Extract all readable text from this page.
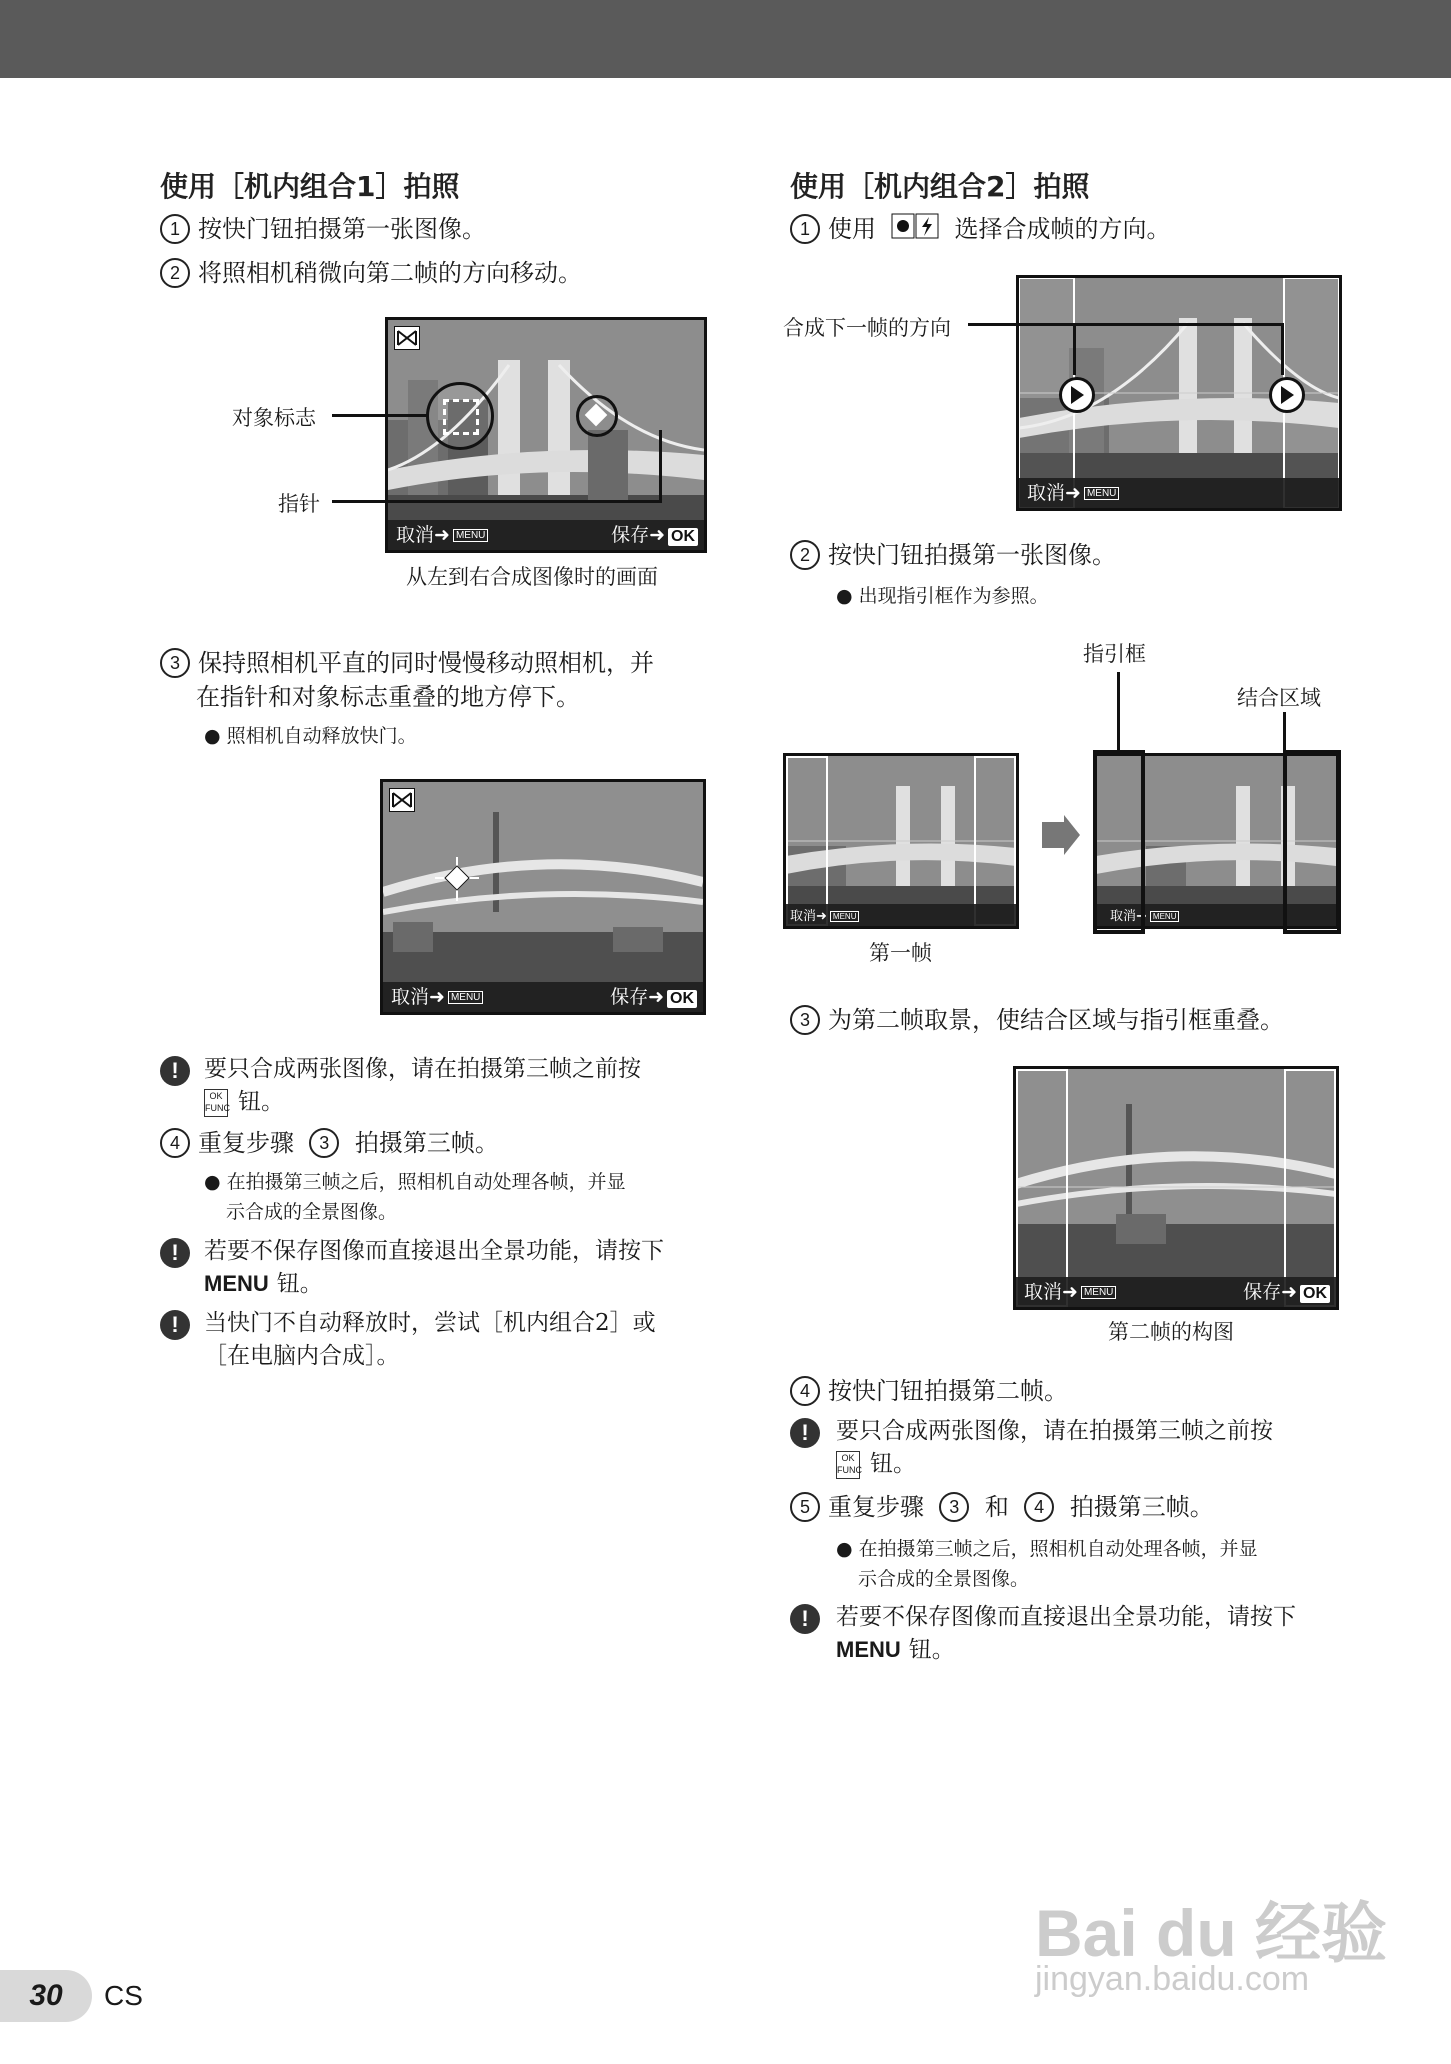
使用［机内组合1］拍照
1 按快门钮拍摄第一张图像。
2 将照相机稍微向第二帧的方向移动。
取消➜ MENU	保存➜ OK
对象标志
指针
从左到右合成图像时的画面
3 保持照相机平直的同时慢慢移动照相机，并
在指针和对象标志重叠的地方停下。
● 照相机自动释放快门。
取消➜ MENU	保存➜ OK
!	要只合成两张图像，请在拍摄第三帧之前按
OK FUNC 钮。
4 重复步骤 3 拍摄第三帧。
● 在拍摄第三帧之后，照相机自动处理各帧，并显
示合成的全景图像。
!	若要不保存图像而直接退出全景功能，请按下
MENU 钮。
!	当快门不自动释放时，尝试［机内组合2］或
［在电脑内合成］。
使用［机内组合2］拍照
1 使用	选择合成帧的方向。
取消➜ MENU
合成下一帧的方向
2 按快门钮拍摄第一张图像。
● 出现指引框作为参照。
指引框
结合区域
取消➜ MENU
第一帧
取消➜ MENU
3 为第二帧取景，使结合区域与指引框重叠。
取消➜ MENU	保存➜ OK
第二帧的构图
4 按快门钮拍摄第二帧。
!	要只合成两张图像，请在拍摄第三帧之前按
OK FUNC 钮。
5 重复步骤 3 和 4 拍摄第三帧。
● 在拍摄第三帧之后，照相机自动处理各帧，并显
示合成的全景图像。
!	若要不保存图像而直接退出全景功能，请按下
MENU 钮。
30	CS
Bai du 经验
jingyan.baidu.com
